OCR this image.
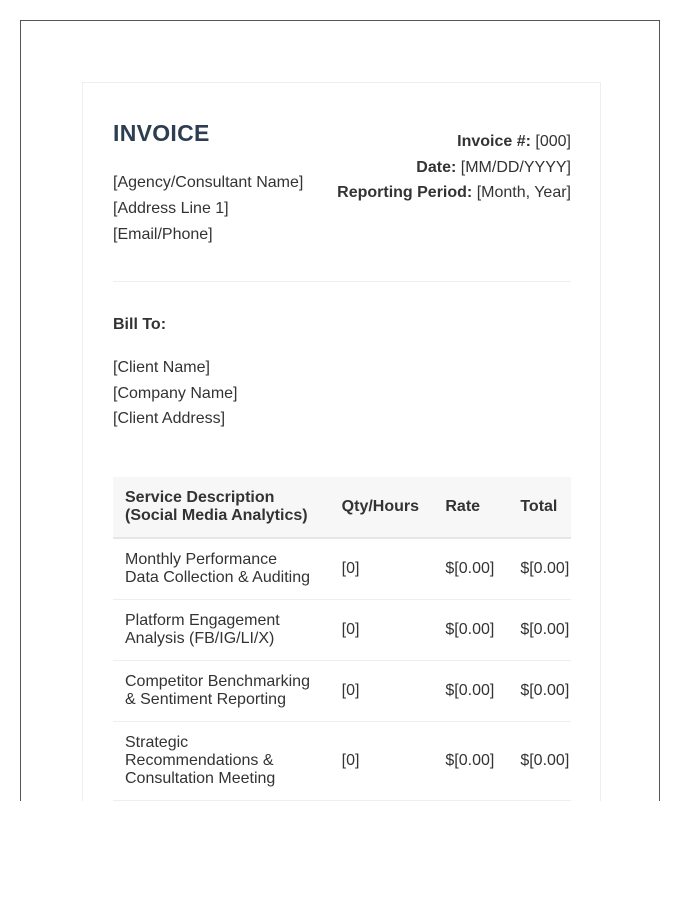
INVOICE
[Agency/Consultant Name]
[Address Line 1]
[Email/Phone]
Invoice #: [000]
Date: [MM/DD/YYYY]
Reporting Period: [Month, Year]
Bill To:
[Client Name]
[Company Name]
[Client Address]
Service Description
(Social Media Analytics)	Qty/Hours	Rate	Total

Monthly Performance
Data Collection & Auditing	[0]	$[0.00]	$[0.00]

Platform Engagement
Analysis (FB/IG/LI/X)	[0]	$[0.00]	$[0.00]

Competitor Benchmarking
& Sentiment Reporting	[0]	$[0.00]	$[0.00]

Strategic
Recommendations &
Consultation Meeting	[0]	$[0.00]	$[0.00]
